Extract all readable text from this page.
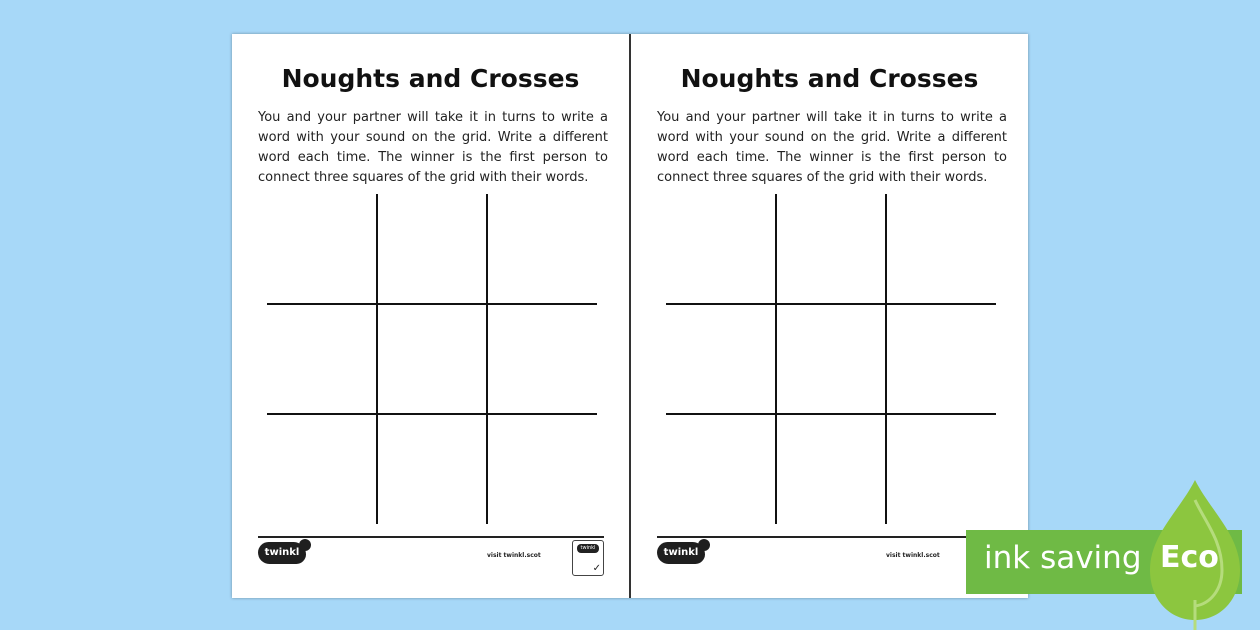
Noughts and Crosses
You and your partner will take it in turns to write a word with your sound on the grid. Write a different word each time. The winner is the first person to connect three squares of the grid with their words.
twinkl	visit twinkl.scot
twinkl
✓
Noughts and Crosses
You and your partner will take it in turns to write a word with your sound on the grid. Write a different word each time. The winner is the first person to connect three squares of the grid with their words.
twinkl	visit twinkl.scot ink saving Eco
